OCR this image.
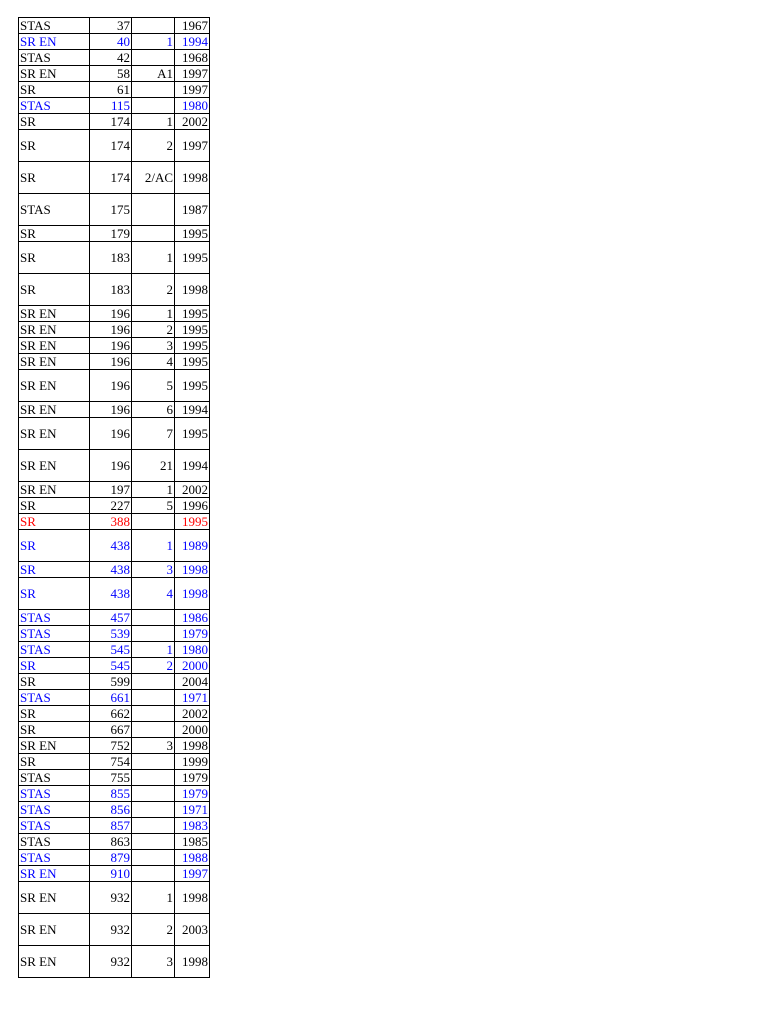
STAS	37		1967
SR EN	40	1	1994
STAS	42		1968
SR EN	58	A1	1997
SR	61		1997
STAS	115		1980
SR	174	1	2002
SR	174	2	1997
SR	174	2/AC	1998
STAS	175		1987
SR	179		1995
SR	183	1	1995
SR	183	2	1998
SR EN	196	1	1995
SR EN	196	2	1995
SR EN	196	3	1995
SR EN	196	4	1995
SR EN	196	5	1995
SR EN	196	6	1994
SR EN	196	7	1995
SR EN	196	21	1994
SR EN	197	1	2002
SR	227	5	1996
SR	388		1995
SR	438	1	1989
SR	438	3	1998
SR	438	4	1998
STAS	457		1986
STAS	539		1979
STAS	545	1	1980
SR	545	2	2000
SR	599		2004
STAS	661		1971
SR	662		2002
SR	667		2000
SR EN	752	3	1998
SR	754		1999
STAS	755		1979
STAS	855		1979
STAS	856		1971
STAS	857		1983
STAS	863		1985
STAS	879		1988
SR EN	910		1997
SR EN	932	1	1998
SR EN	932	2	2003
SR EN	932	3	1998
